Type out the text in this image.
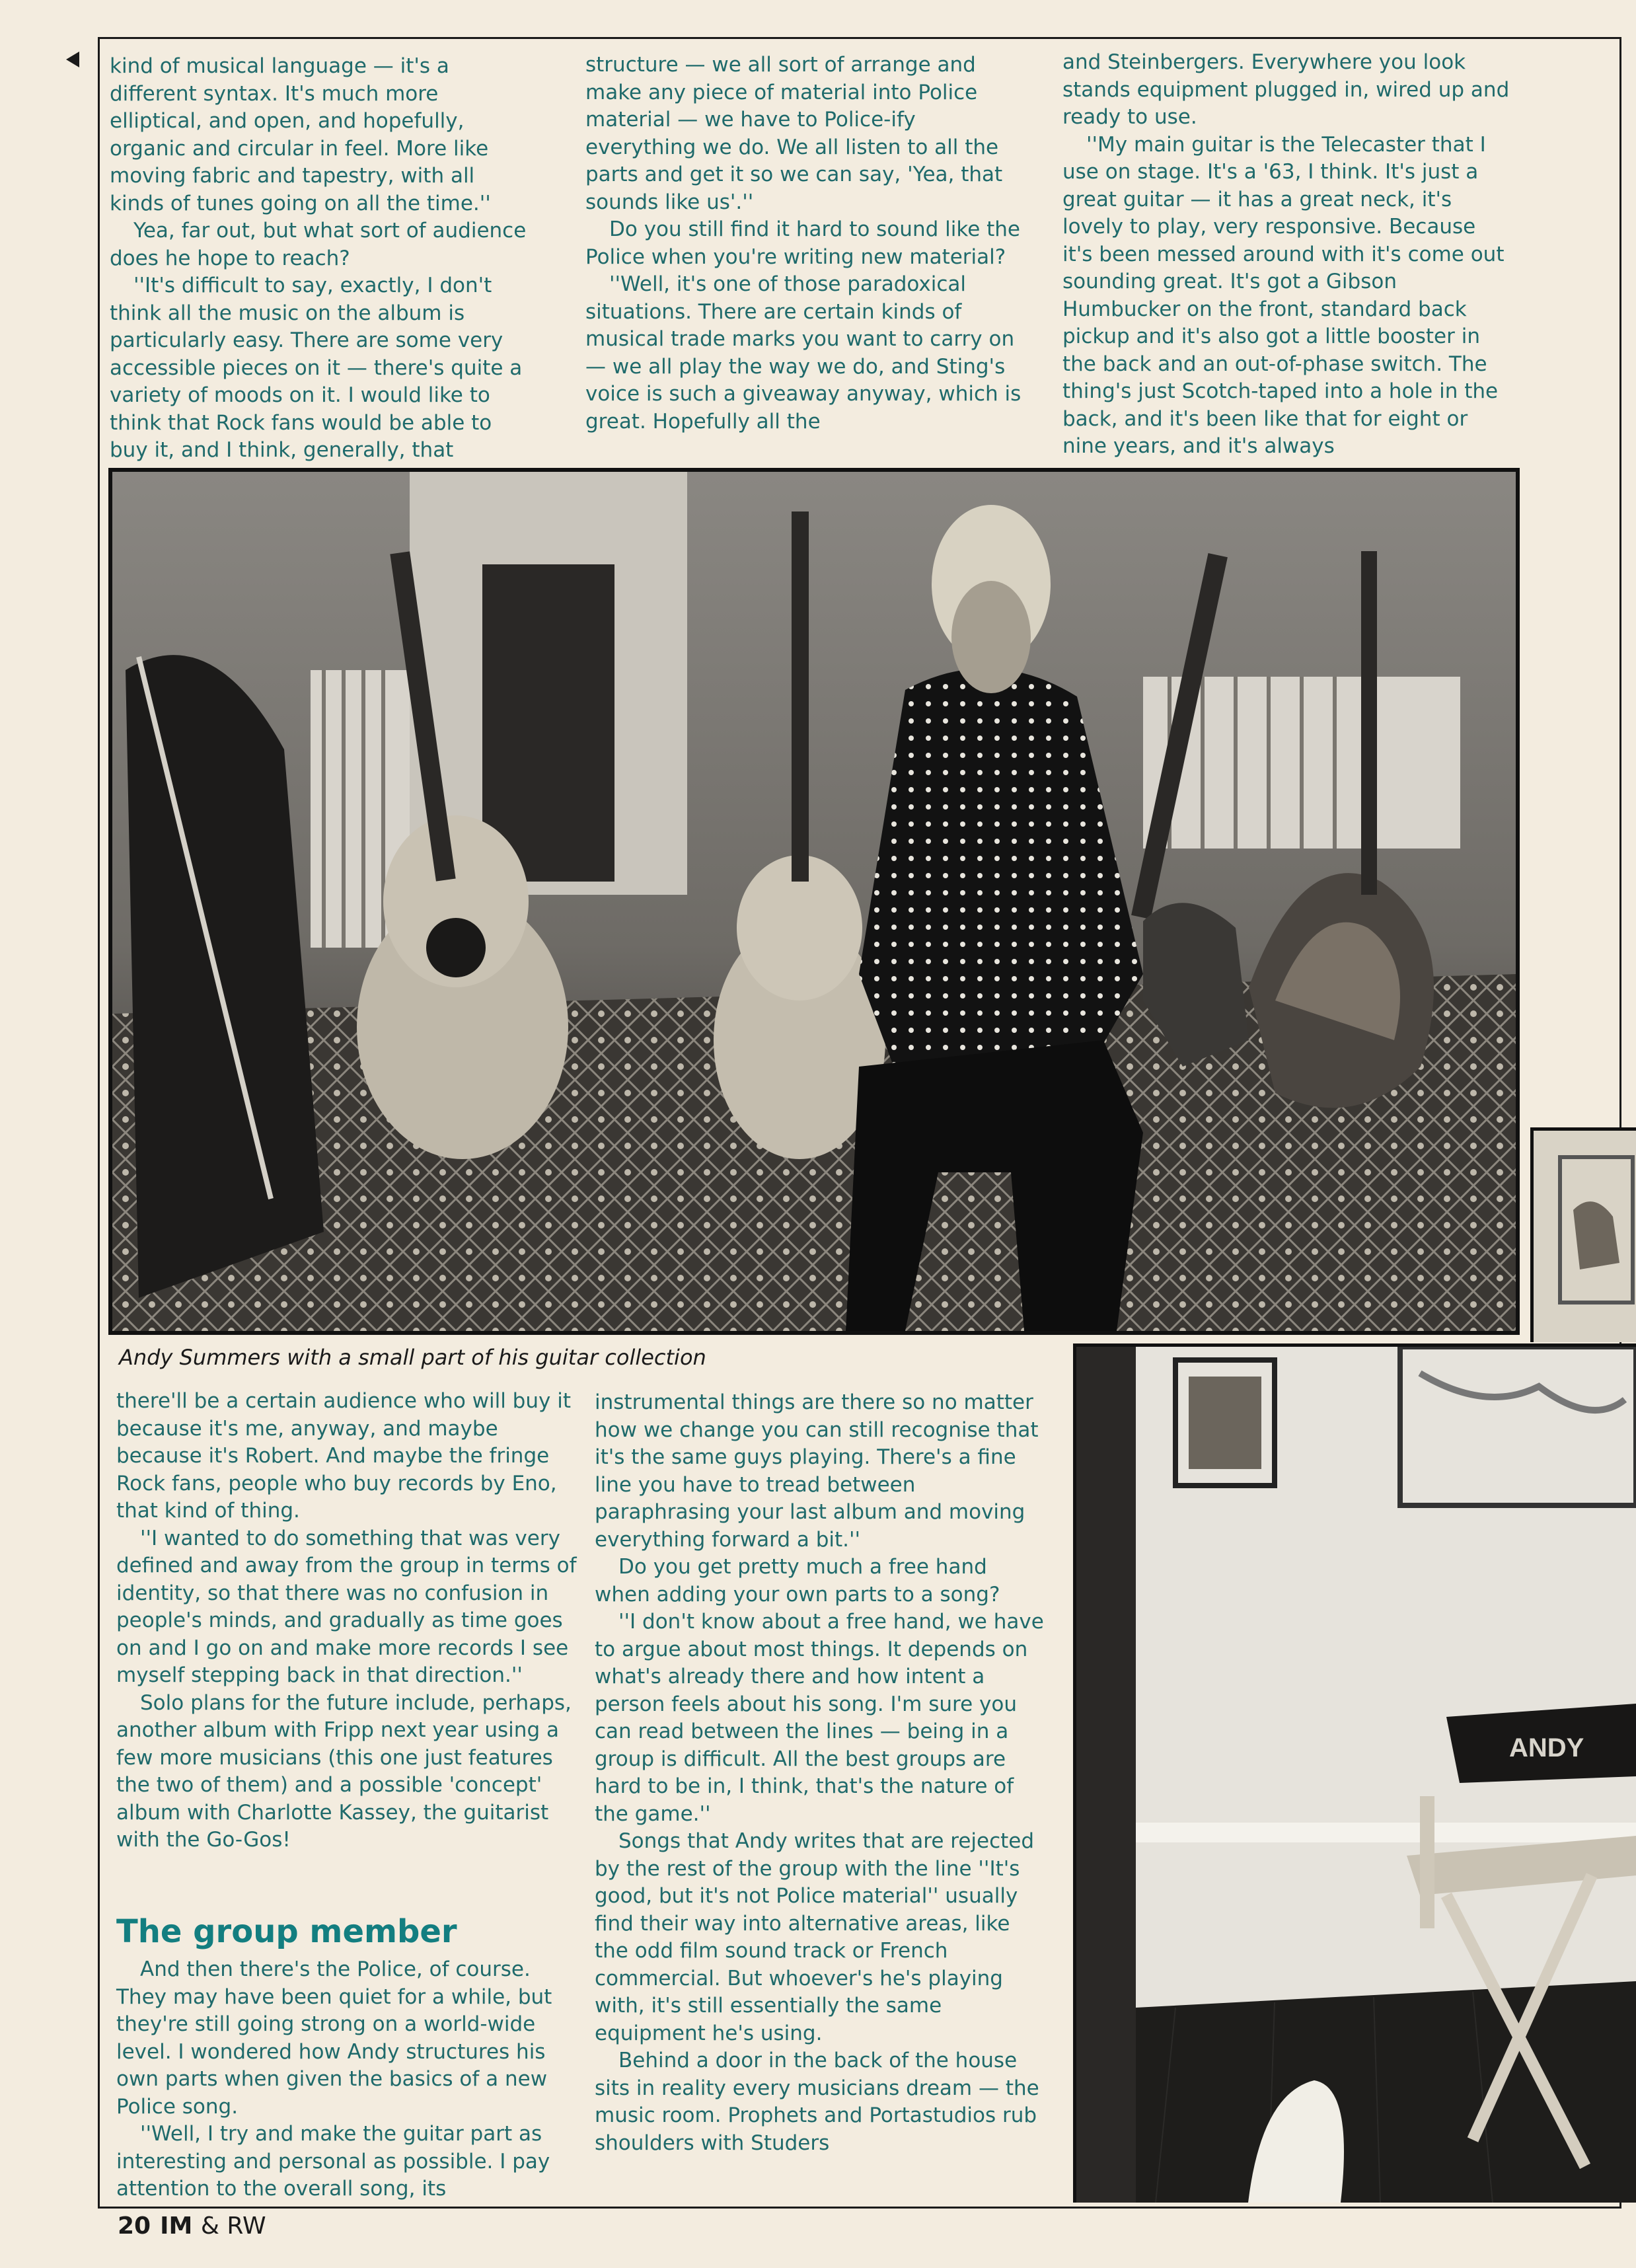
kind of musical language — it's a different syntax. It's much more elliptical, and open, and hopefully, organic and circular in feel. More like moving fabric and tapestry, with all kinds of tunes going on all the time.''

Yea, far out, but what sort of audience does he hope to reach?

''It's difficult to say, exactly, I don't think all the music on the album is particularly easy. There are some very accessible pieces on it — there's quite a variety of moods on it. I would like to think that Rock fans would be able to buy it, and I think, generally, that

structure — we all sort of arrange and make any piece of material into Police material — we have to Police-ify everything we do. We all listen to all the parts and get it so we can say, 'Yea, that sounds like us'.''

Do you still find it hard to sound like the Police when you're writing new material?

''Well, it's one of those paradoxical situations. There are certain kinds of musical trade marks you want to carry on — we all play the way we do, and Sting's voice is such a giveaway anyway, which is great. Hopefully all the

and Steinbergers. Everywhere you look stands equipment plugged in, wired up and ready to use.

''My main guitar is the Telecaster that I use on stage. It's a '63, I think. It's just a great guitar — it has a great neck, it's lovely to play, very responsive. Because it's been messed around with it's come out sounding great. It's got a Gibson Humbucker on the front, standard back pickup and it's also got a little booster in the back and an out-of-phase switch. The thing's just Scotch-taped into a hole in the back, and it's been like that for eight or nine years, and it's always

Andy Summers with a small part of his guitar collection

there'll be a certain audience who will buy it because it's me, anyway, and maybe because it's Robert. And maybe the fringe Rock fans, people who buy records by Eno, that kind of thing.

''I wanted to do something that was very defined and away from the group in terms of identity, so that there was no confusion in people's minds, and gradually as time goes on and I go on and make more records I see myself stepping back in that direction.''

Solo plans for the future include, perhaps, another album with Fripp next year using a few more musicians (this one just features the two of them) and a possible 'concept' album with Charlotte Kassey, the guitarist with the Go-Gos!

The group member

And then there's the Police, of course. They may have been quiet for a while, but they're still going strong on a world-wide level. I wondered how Andy structures his own parts when given the basics of a new Police song.

''Well, I try and make the guitar part as interesting and personal as possible. I pay attention to the overall song, its

instrumental things are there so no matter how we change you can still recognise that it's the same guys playing. There's a fine line you have to tread between paraphrasing your last album and moving everything forward a bit.''

Do you get pretty much a free hand when adding your own parts to a song?

''I don't know about a free hand, we have to argue about most things. It depends on what's already there and how intent a person feels about his song. I'm sure you can read between the lines — being in a group is difficult. All the best groups are hard to be in, I think, that's the nature of the game.''

Songs that Andy writes that are rejected by the rest of the group with the line ''It's good, but it's not Police material'' usually find their way into alternative areas, like the odd film sound track or French commercial. But whoever's he's playing with, it's still essentially the same equipment he's using.

Behind a door in the back of the house sits in reality every musicians dream — the music room. Prophets and Portastudios rub shoulders with Studers

ANDY
20 IM & RW
